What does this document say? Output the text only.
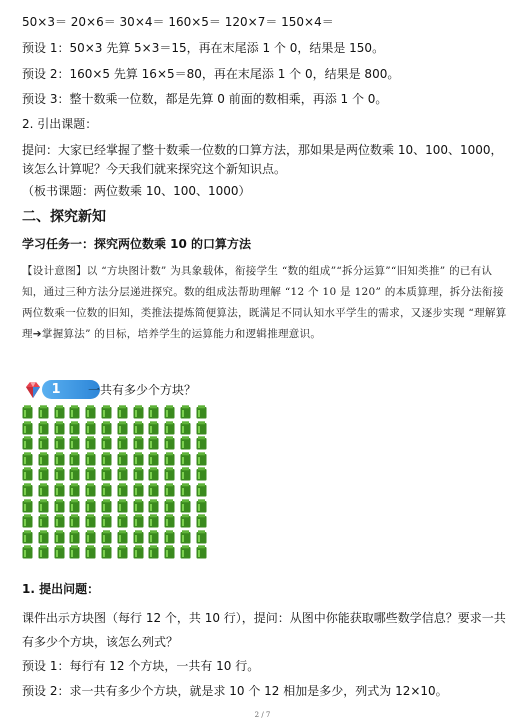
50×3＝ 20×6＝ 30×4＝ 160×5＝ 120×7＝ 150×4＝
预设 1：50×3 先算 5×3＝15，再在末尾添 1 个 0，结果是 150。
预设 2：160×5 先算 16×5＝80，再在末尾添 1 个 0，结果是 800。
预设 3：整十数乘一位数，都是先算 0 前面的数相乘，再添 1 个 0。
2. 引出课题：
提问：大家已经掌握了整十数乘一位数的口算方法，那如果是两位数乘 10、100、1000，该怎么计算呢？今天我们就来探究这个新知识点。
（板书课题：两位数乘 10、100、1000）
二、探究新知
学习任务一：探究两位数乘 10 的口算方法
【设计意图】以 “方块图计数” 为具象载体，衔接学生 “数的组成”“拆分运算”“旧知类推” 的已有认知，通过三种方法分层递进探究。数的组成法帮助理解 “12 个 10 是 120” 的本质算理，拆分法衔接两位数乘一位数的旧知，类推法提炼简便算法，既满足不同认知水平学生的需求，又逐步实现 “理解算理➔掌握算法” 的目标，培养学生的运算能力和逻辑推理意识。
1 一共有多少个方块？
1. 提出问题：
课件出示方块图（每行 12 个，共 10 行），提问：从图中你能获取哪些数学信息？要求一共有多少个方块，该怎么列式？
预设 1：每行有 12 个方块，一共有 10 行。
预设 2：求一共有多少个方块，就是求 10 个 12 相加是多少，列式为 12×10。
2 / 7
